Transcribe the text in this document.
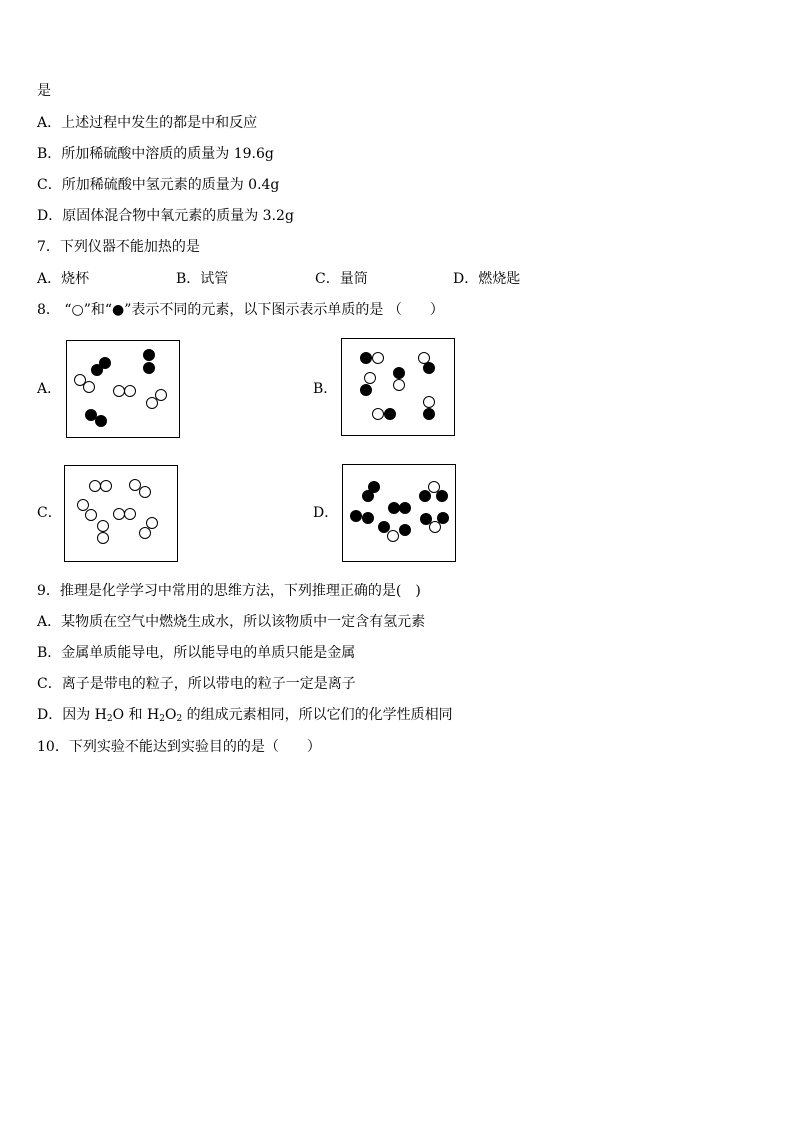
是
A．上述过程中发生的都是中和反应
B．所加稀硫酸中溶质的质量为 19.6g
C．所加稀硫酸中氢元素的质量为 0.4g
D．原固体混合物中氧元素的质量为 3.2g
7．下列仪器不能加热的是
A．烧杯	B．试管	C．量筒	D．燃烧匙
8． “○”和“●”表示不同的元素，以下图示表示单质的是 （　　）
A．	B．
C．	D．
9．推理是化学学习中常用的思维方法，下列推理正确的是(　)
A．某物质在空气中燃烧生成水，所以该物质中一定含有氢元素
B．金属单质能导电，所以能导电的单质只能是金属
C．离子是带电的粒子，所以带电的粒子一定是离子
D．因为 $H_2O$ 和 $H_2O_2$ 的组成元素相同，所以它们的化学性质相同
10．下列实验不能达到实验目的的是（　　）
